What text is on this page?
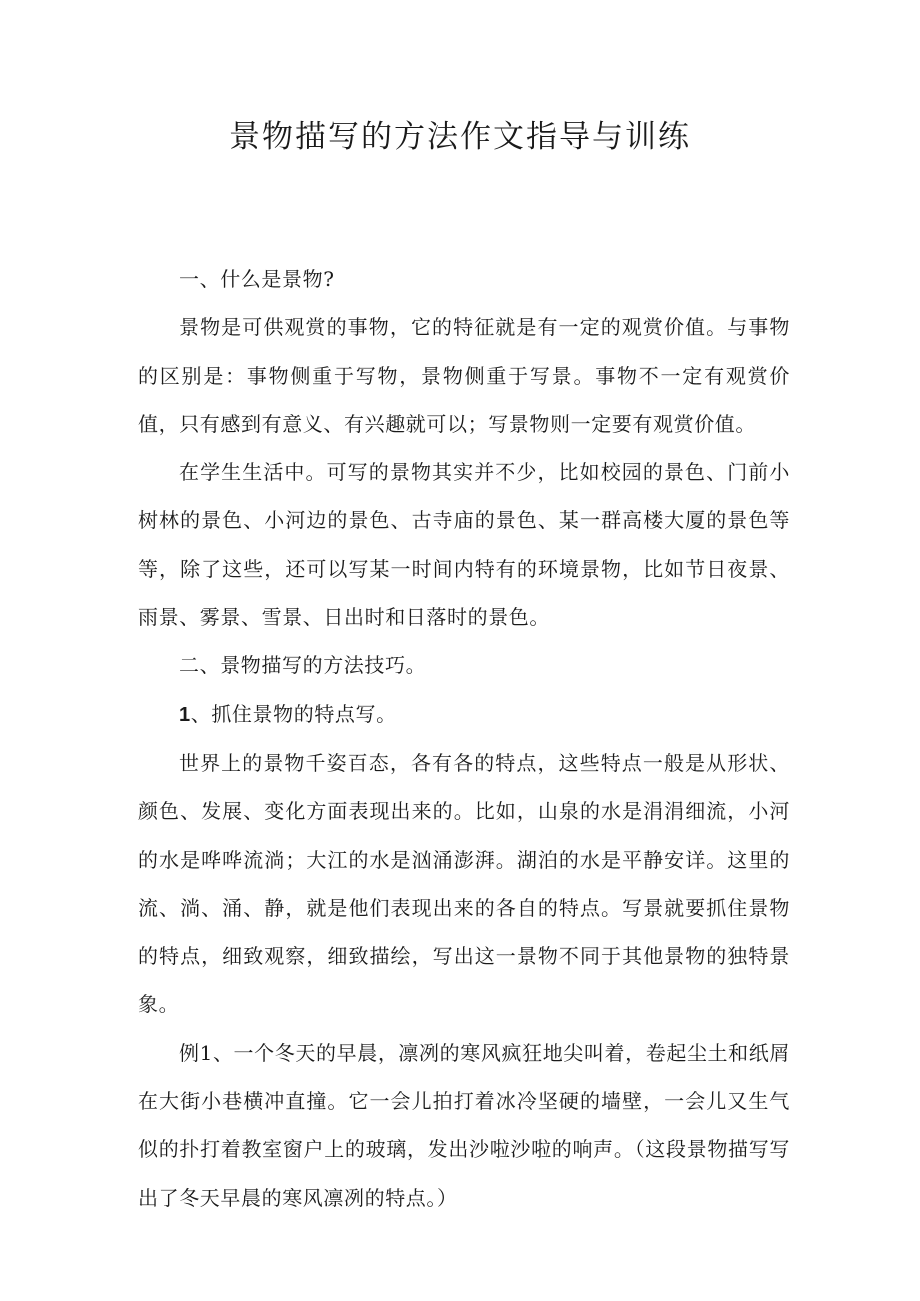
景物描写的方法作文指导与训练

一、什么是景物?

景物是可供观赏的事物，它的特征就是有一定的观赏价值。与事物的区别是：事物侧重于写物，景物侧重于写景。事物不一定有观赏价值，只有感到有意义、有兴趣就可以；写景物则一定要有观赏价值。

在学生生活中。可写的景物其实并不少，比如校园的景色、门前小树林的景色、小河边的景色、古寺庙的景色、某一群高楼大厦的景色等等，除了这些，还可以写某一时间内特有的环境景物，比如节日夜景、雨景、雾景、雪景、日出时和日落时的景色。

二、景物描写的方法技巧。

1、抓住景物的特点写。

世界上的景物千姿百态，各有各的特点，这些特点一般是从形状、颜色、发展、变化方面表现出来的。比如，山泉的水是涓涓细流，小河的水是哗哗流淌；大江的水是汹涌澎湃。湖泊的水是平静安详。这里的流、淌、涌、静，就是他们表现出来的各自的特点。写景就要抓住景物的特点，细致观察，细致描绘，写出这一景物不同于其他景物的独特景象。

例1、一个冬天的早晨，凛冽的寒风疯狂地尖叫着，卷起尘土和纸屑在大街小巷横冲直撞。它一会儿拍打着冰冷坚硬的墙壁，一会儿又生气似的扑打着教室窗户上的玻璃，发出沙啦沙啦的响声。（这段景物描写写出了冬天早晨的寒风凛冽的特点。）
